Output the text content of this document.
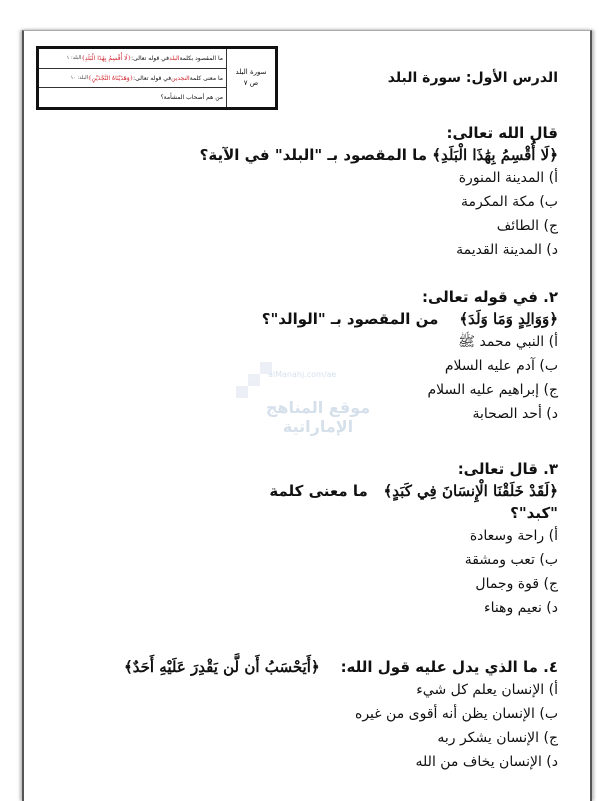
سورة البلد
ص ٧
ما المقصود بكلمة
البلد
في قوله تعالى:
﴿لَا أُقْسِمُ بِهَٰذَا الْبَلَدِ﴾
البلد: ١
ما معنى كلمة
النجدين
في قوله تعالى:
﴿وَهَدَيْنَاهُ النَّجْدَيْنِ﴾
البلد: ١٠
من هم أصحاب المشأمة؟
الدرس الأول: سورة البلد
alManahj.com/ae
موقع المناهج الإماراتية
قال الله تعالى:
﴿لَا أُقْسِمُ بِهَٰذَا الْبَلَدِ﴾ ما المقصود بـ "البلد" في الآية؟
أ) المدينة المنورة
ب) مكة المكرمة
ج) الطائف
د) المدينة القديمة
٢. في قوله تعالى:
﴿وَوَالِدٍ وَمَا وَلَدَ﴾    من المقصود بـ "الوالد"؟
أ) النبي محمد ﷺ
ب) آدم عليه السلام
ج) إبراهيم عليه السلام
د) أحد الصحابة
٣. قال تعالى:
﴿لَقَدْ خَلَقْنَا الْإِنسَانَ فِي كَبَدٍ﴾   ما معنى كلمة
"كبد"؟
أ) راحة وسعادة
ب) تعب ومشقة
ج) قوة وجمال
د) نعيم وهناء
٤. ما الذي يدل عليه قول الله:    ﴿أَيَحْسَبُ أَن لَّن يَقْدِرَ عَلَيْهِ أَحَدٌ﴾
أ) الإنسان يعلم كل شيء
ب) الإنسان يظن أنه أقوى من غيره
ج) الإنسان يشكر ربه
د) الإنسان يخاف من الله
